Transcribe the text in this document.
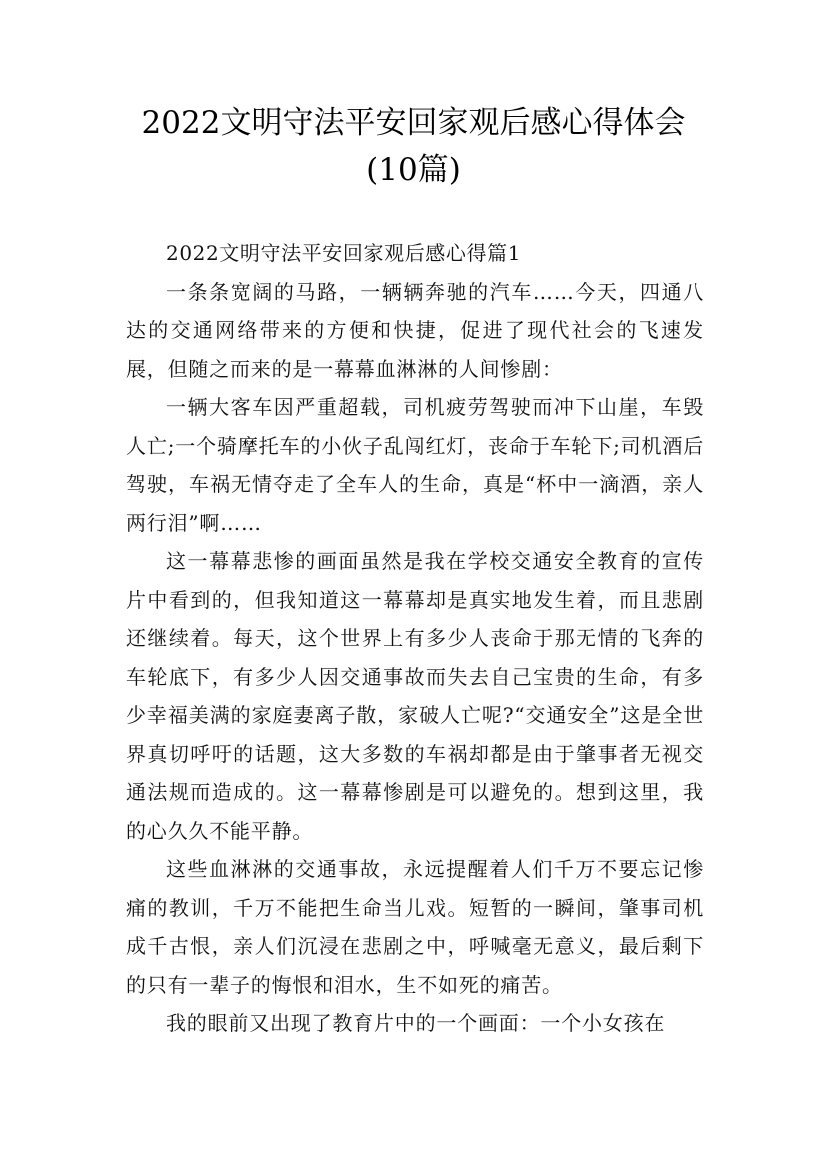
2022文明守法平安回家观后感心得体会(10篇)

2022文明守法平安回家观后感心得篇1

一条条宽阔的马路，一辆辆奔驰的汽车……今天，四通八达的交通网络带来的方便和快捷，促进了现代社会的飞速发展，但随之而来的是一幕幕血淋淋的人间惨剧：

一辆大客车因严重超载，司机疲劳驾驶而冲下山崖，车毁人亡;一个骑摩托车的小伙子乱闯红灯，丧命于车轮下;司机酒后驾驶，车祸无情夺走了全车人的生命，真是“杯中一滴酒，亲人两行泪”啊……

这一幕幕悲惨的画面虽然是我在学校交通安全教育的宣传片中看到的，但我知道这一幕幕却是真实地发生着，而且悲剧还继续着。每天，这个世界上有多少人丧命于那无情的飞奔的车轮底下，有多少人因交通事故而失去自己宝贵的生命，有多少幸福美满的家庭妻离子散，家破人亡呢?“交通安全”这是全世界真切呼吁的话题，这大多数的车祸却都是由于肇事者无视交通法规而造成的。这一幕幕惨剧是可以避免的。想到这里，我的心久久不能平静。

这些血淋淋的交通事故，永远提醒着人们千万不要忘记惨痛的教训，千万不能把生命当儿戏。短暂的一瞬间，肇事司机成千古恨，亲人们沉浸在悲剧之中，呼喊毫无意义，最后剩下的只有一辈子的悔恨和泪水，生不如死的痛苦。

我的眼前又出现了教育片中的一个画面：一个小女孩在
